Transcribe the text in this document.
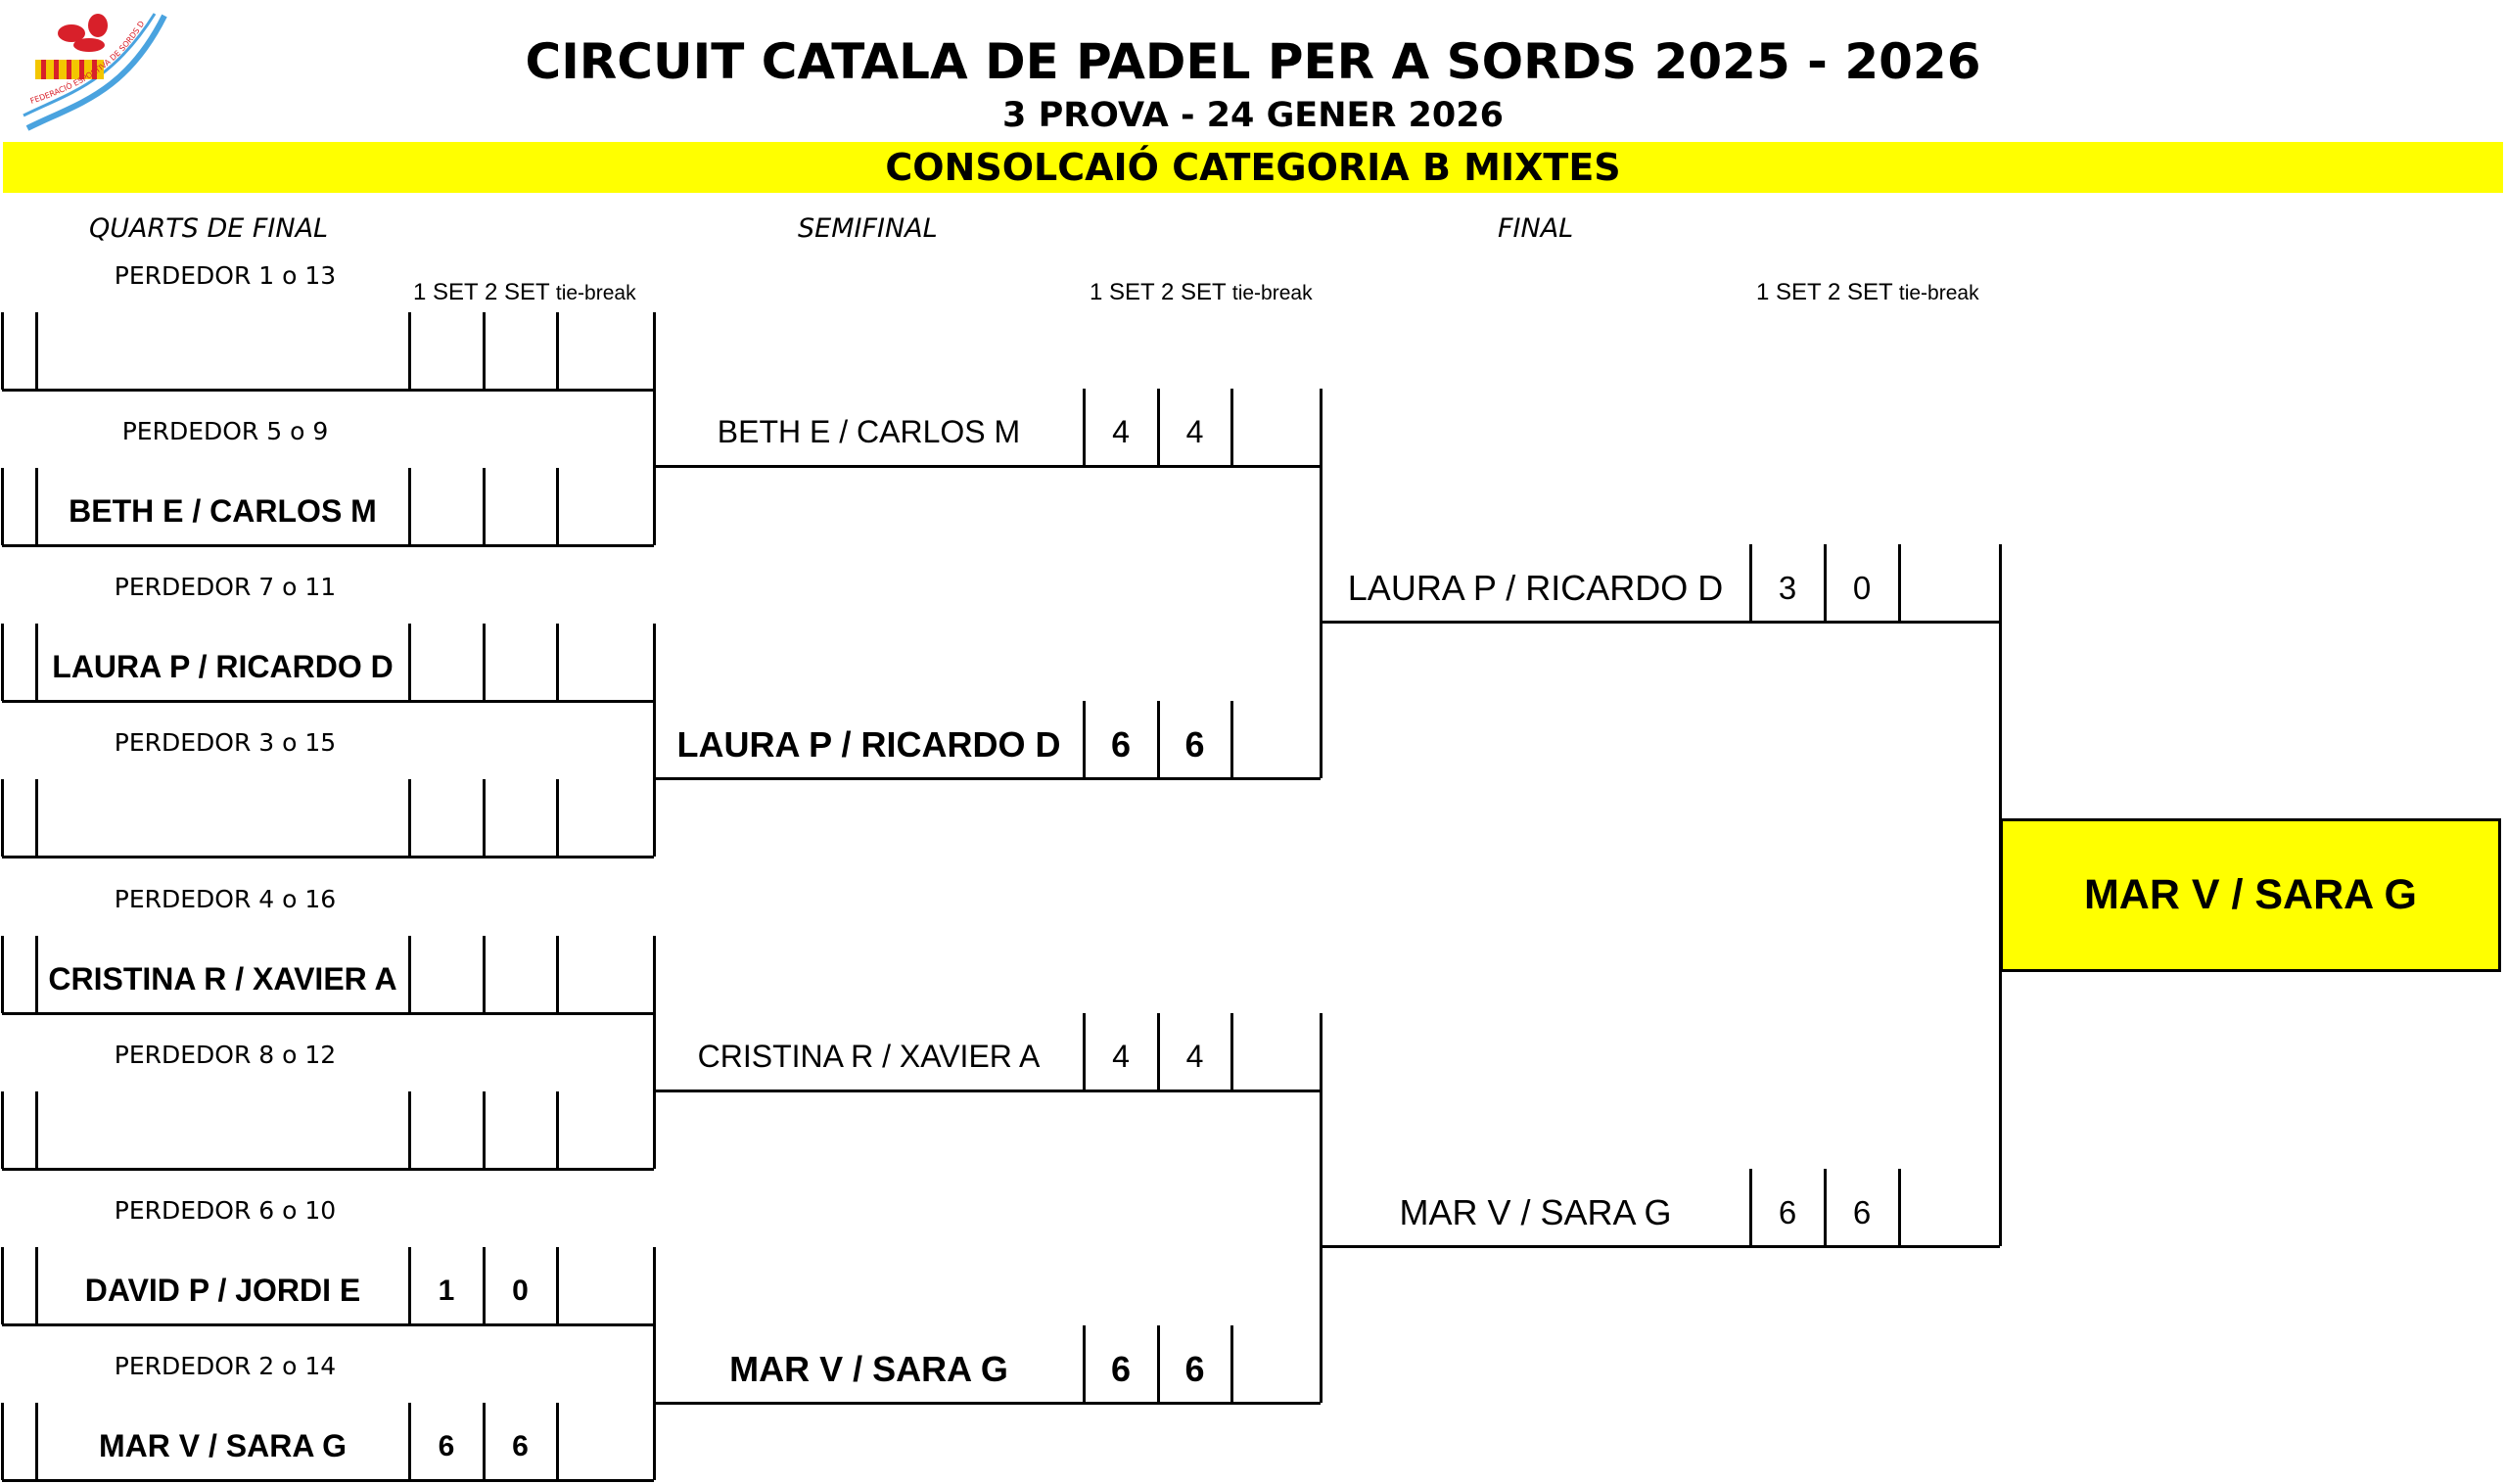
FEDERACIÓ ESPORTIVA DE SORDS D
CIRCUIT CATALA DE PADEL PER A SORDS 2025 - 2026
3 PROVA - 24 GENER 2026
CONSOLCAIÓ CATEGORIA B MIXTES
QUARTS DE FINAL	SEMIFINAL	FINAL
1 SET 2 SET tie-break	1 SET 2 SET tie-break	1 SET 2 SET tie-break
PERDEDOR 1 o 13
BETH E / CARLOS M
PERDEDOR 5 o 9
LAURA P / RICARDO D
PERDEDOR 7 o 11
PERDEDOR 3 o 15
CRISTINA R / XAVIER A
PERDEDOR 4 o 16
PERDEDOR 8 o 12
DAVID P / JORDI E	1	0
PERDEDOR 6 o 10
MAR V / SARA G	6	6
PERDEDOR 2 o 14
BETH E / CARLOS M	4	4
LAURA P / RICARDO D	6	6
CRISTINA R / XAVIER A	4	4
MAR V / SARA G	6	6
LAURA P / RICARDO D	3	0
MAR V / SARA G	6	6
MAR V / SARA G
